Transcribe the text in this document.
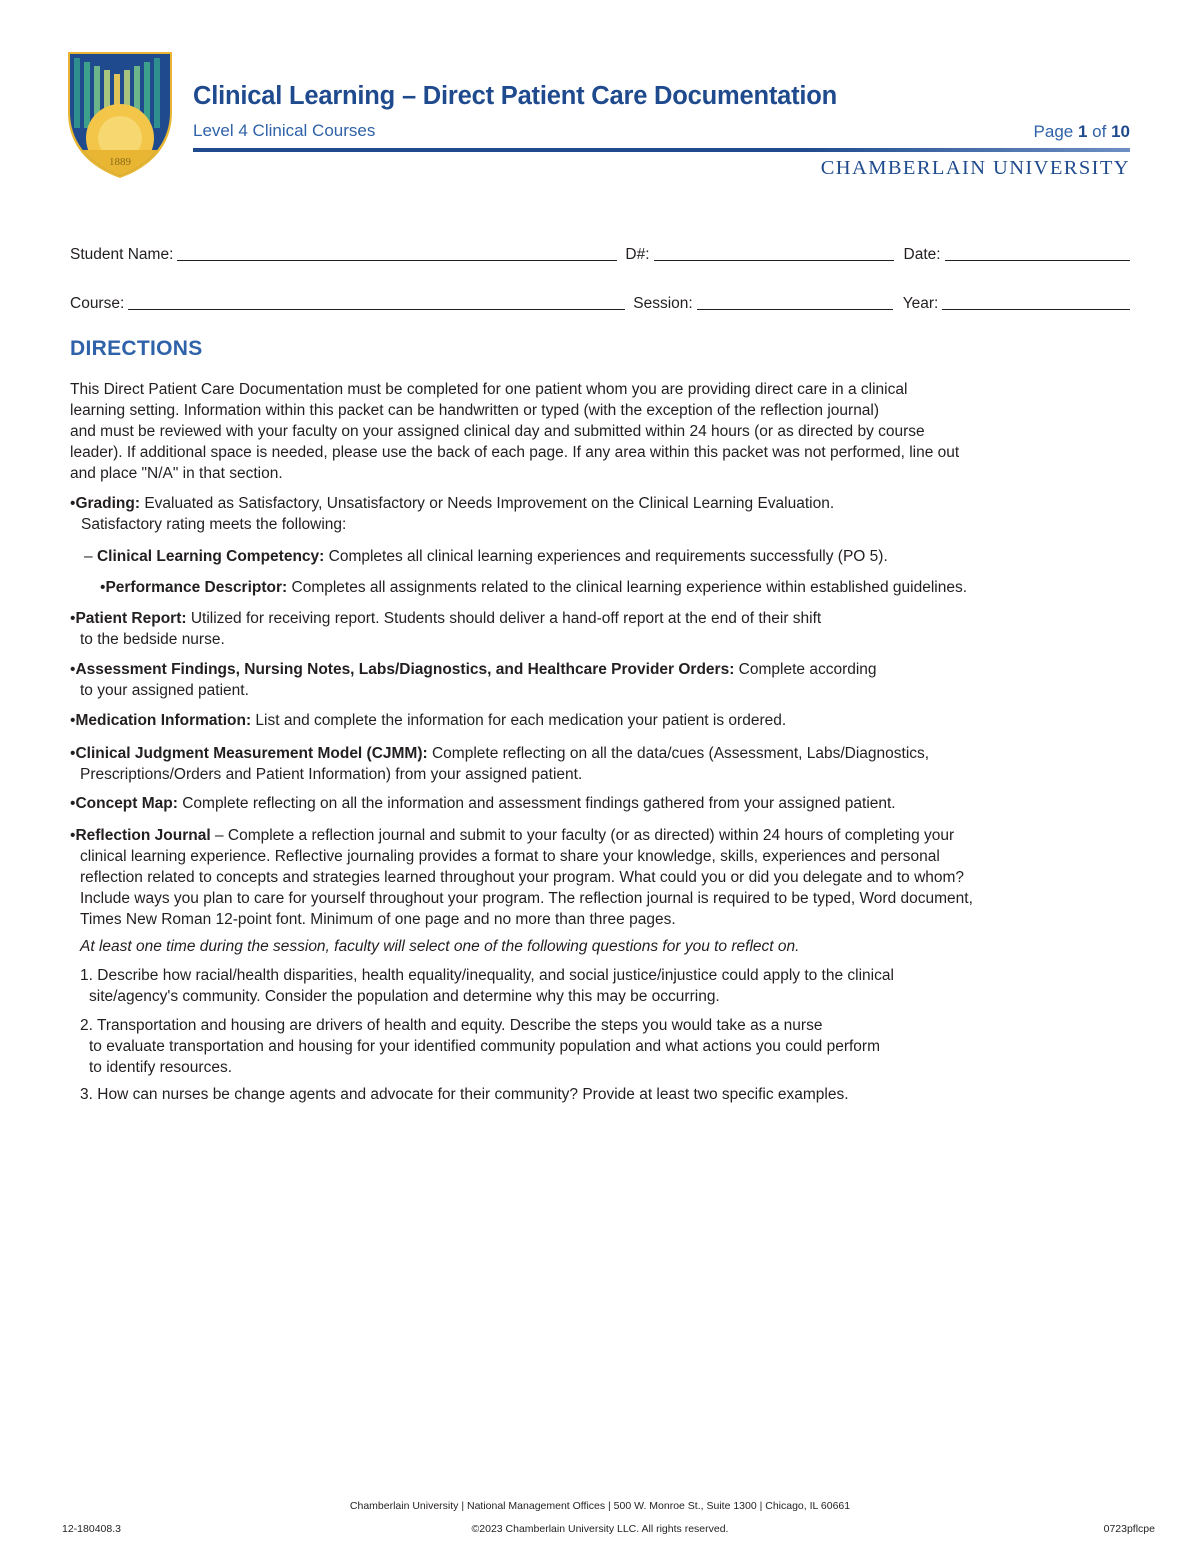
1889
Clinical Learning – Direct Patient Care Documentation
Level 4 Clinical Courses	Page 1 of 10
CHAMBERLAIN UNIVERSITY
Student Name:	D#:	Date:
Course:	Session:	Year:
DIRECTIONS
This Direct Patient Care Documentation must be completed for one patient whom you are providing direct care in a clinical
learning setting. Information within this packet can be handwritten or typed (with the exception of the reflection journal)
and must be reviewed with your faculty on your assigned clinical day and submitted within 24 hours (or as directed by course
leader). If additional space is needed, please use the back of each page. If any area within this packet was not performed, line out
and place "N/A" in that section.
•Grading: Evaluated as Satisfactory, Unsatisfactory or Needs Improvement on the Clinical Learning Evaluation.
Satisfactory rating meets the following:
– Clinical Learning Competency: Completes all clinical learning experiences and requirements successfully (PO 5).
•Performance Descriptor: Completes all assignments related to the clinical learning experience within established guidelines.
•Patient Report: Utilized for receiving report. Students should deliver a hand-off report at the end of their shift
to the bedside nurse.
•Assessment Findings, Nursing Notes, Labs/Diagnostics, and Healthcare Provider Orders: Complete according
to your assigned patient.
•Medication Information: List and complete the information for each medication your patient is ordered.
•Clinical Judgment Measurement Model (CJMM): Complete reflecting on all the data/cues (Assessment, Labs/Diagnostics,
Prescriptions/Orders and Patient Information) from your assigned patient.
•Concept Map: Complete reflecting on all the information and assessment findings gathered from your assigned patient.
•Reflection Journal – Complete a reflection journal and submit to your faculty (or as directed) within 24 hours of completing your
clinical learning experience. Reflective journaling provides a format to share your knowledge, skills, experiences and personal
reflection related to concepts and strategies learned throughout your program. What could you or did you delegate and to whom?
Include ways you plan to care for yourself throughout your program. The reflection journal is required to be typed, Word document,
Times New Roman 12-point font. Minimum of one page and no more than three pages.
At least one time during the session, faculty will select one of the following questions for you to reflect on.
1. Describe how racial/health disparities, health equality/inequality, and social justice/injustice could apply to the clinical
site/agency's community. Consider the population and determine why this may be occurring.
2. Transportation and housing are drivers of health and equity. Describe the steps you would take as a nurse
to evaluate transportation and housing for your identified community population and what actions you could perform
to identify resources.
3. How can nurses be change agents and advocate for their community? Provide at least two specific examples.
Chamberlain University | National Management Offices | 500 W. Monroe St., Suite 1300 | Chicago, IL 60661
12-180408.3	©2023 Chamberlain University LLC. All rights reserved.	0723pflcpe
